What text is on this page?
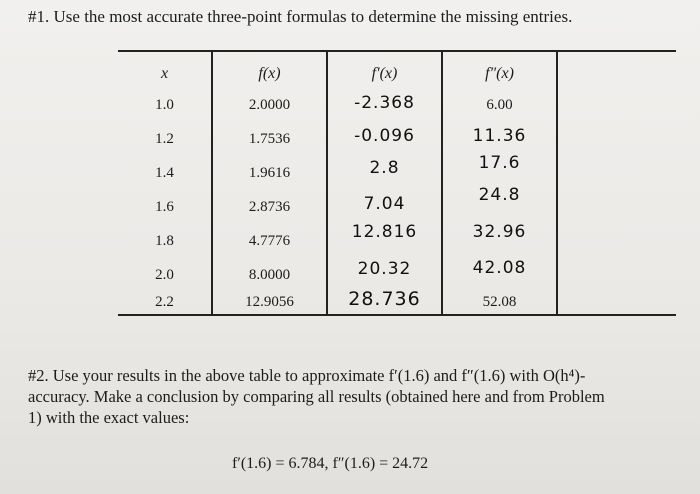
#1. Use the most accurate three-point formulas to determine the missing entries.
x	f(x)	f′(x)	f″(x)
1.0	2.0000	-2.368	6.00
1.2	1.7536	-0.096	11.36
1.4	1.9616	2.8	17.6
1.6	2.8736	7.04	24.8
1.8	4.7776	12.816	32.96
2.0	8.0000	20.32	42.08
2.2	12.9056	28.736	52.08
#2. Use your results in the above table to approximate f′(1.6) and f″(1.6) with O(h⁴)-
accuracy. Make a conclusion by comparing all results (obtained here and from Problem
1) with the exact values:
f′(1.6) = 6.784, f″(1.6) = 24.72
